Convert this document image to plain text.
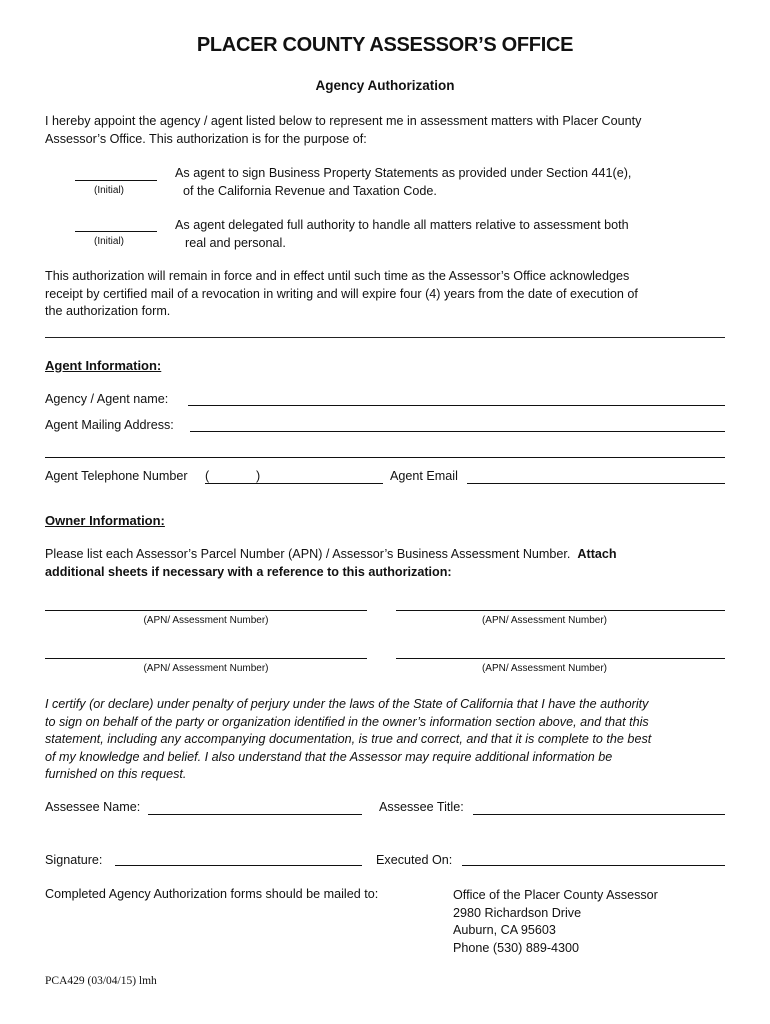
PLACER COUNTY ASSESSOR’S OFFICE
Agency Authorization
I hereby appoint the agency / agent listed below to represent me in assessment matters with Placer County
Assessor’s Office. This authorization is for the purpose of:
(Initial)
As agent to sign Business Property Statements as provided under Section 441(e),
of the California Revenue and Taxation Code.
(Initial)
As agent delegated full authority to handle all matters relative to assessment both
real and personal.
This authorization will remain in force and in effect until such time as the Assessor’s Office acknowledges
receipt by certified mail of a revocation in writing and will expire four (4) years from the date of execution of
the authorization form.
Agent Information:
Agency / Agent name:
Agent Mailing Address:
Agent Telephone Number (	)	Agent Email
Owner Information:
Please list each Assessor’s Parcel Number (APN) / Assessor’s Business Assessment Number. Attach
additional sheets if necessary with a reference to this authorization:
(APN/ Assessment Number)	(APN/ Assessment Number)
(APN/ Assessment Number)	(APN/ Assessment Number)
I certify (or declare) under penalty of perjury under the laws of the State of California that I have the authority
to sign on behalf of the party or organization identified in the owner’s information section above, and that this
statement, including any accompanying documentation, is true and correct, and that it is complete to the best
of my knowledge and belief. I also understand that the Assessor may require additional information be
furnished on this request.
Assessee Name:	Assessee Title:
Signature:	Executed On:
Completed Agency Authorization forms should be mailed to:	Office of the Placer County Assessor
2980 Richardson Drive
Auburn, CA 95603
Phone (530) 889-4300
PCA429 (03/04/15) lmh
